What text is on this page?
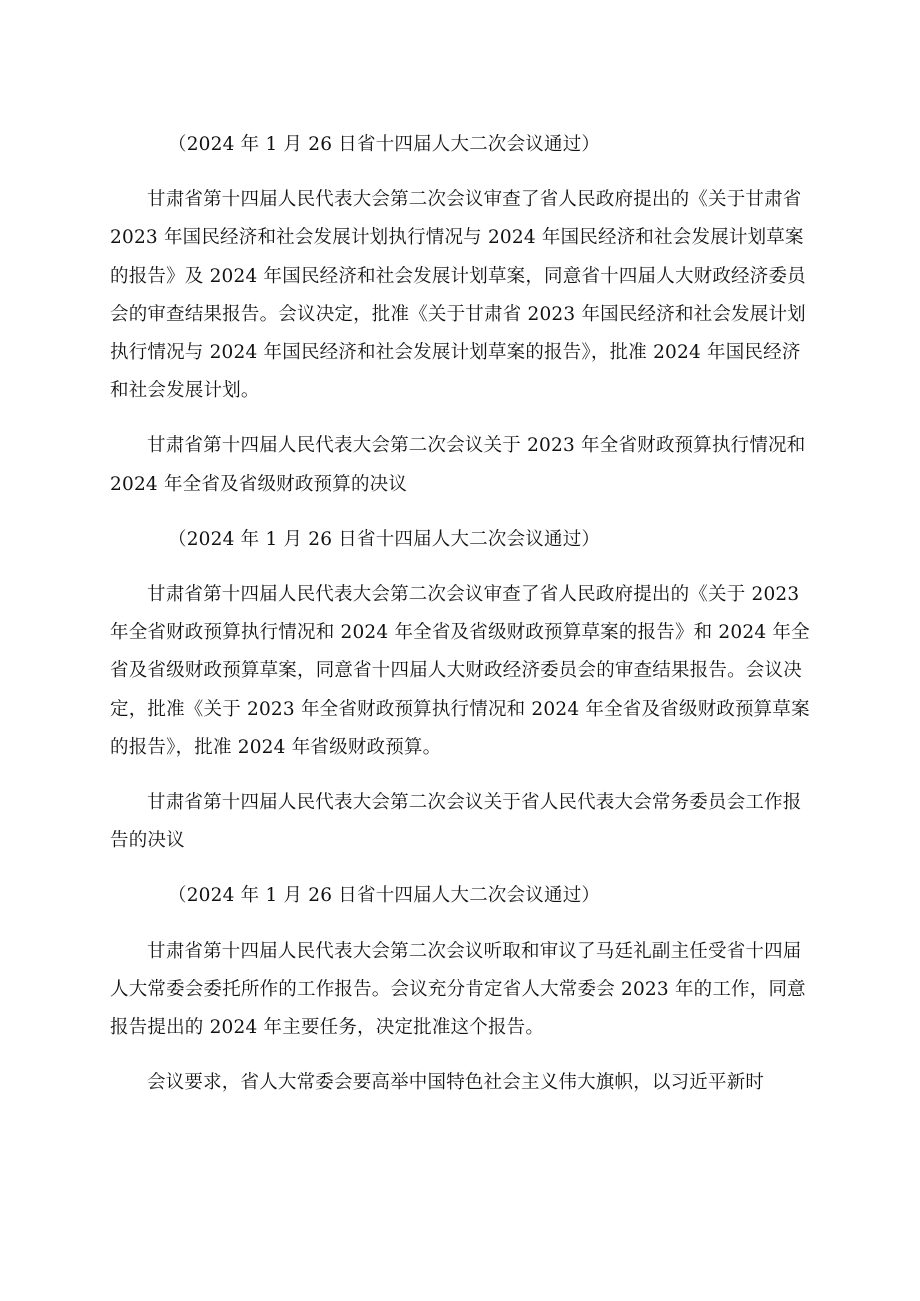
（2024 年 1 月 26 日省十四届人大二次会议通过）

甘肃省第十四届人民代表大会第二次会议审查了省人民政府提出的《关于甘肃省 2023 年国民经济和社会发展计划执行情况与 2024 年国民经济和社会发展计划草案的报告》及 2024 年国民经济和社会发展计划草案，同意省十四届人大财政经济委员会的审查结果报告。会议决定，批准《关于甘肃省 2023 年国民经济和社会发展计划执行情况与 2024 年国民经济和社会发展计划草案的报告》，批准 2024 年国民经济和社会发展计划。

甘肃省第十四届人民代表大会第二次会议关于 2023 年全省财政预算执行情况和 2024 年全省及省级财政预算的决议

（2024 年 1 月 26 日省十四届人大二次会议通过）

甘肃省第十四届人民代表大会第二次会议审查了省人民政府提出的《关于 2023 年全省财政预算执行情况和 2024 年全省及省级财政预算草案的报告》和 2024 年全省及省级财政预算草案，同意省十四届人大财政经济委员会的审查结果报告。会议决定，批准《关于 2023 年全省财政预算执行情况和 2024 年全省及省级财政预算草案的报告》，批准 2024 年省级财政预算。

甘肃省第十四届人民代表大会第二次会议关于省人民代表大会常务委员会工作报告的决议

（2024 年 1 月 26 日省十四届人大二次会议通过）

甘肃省第十四届人民代表大会第二次会议听取和审议了马廷礼副主任受省十四届人大常委会委托所作的工作报告。会议充分肯定省人大常委会 2023 年的工作，同意报告提出的 2024 年主要任务，决定批准这个报告。

会议要求，省人大常委会要高举中国特色社会主义伟大旗帜，以习近平新时
